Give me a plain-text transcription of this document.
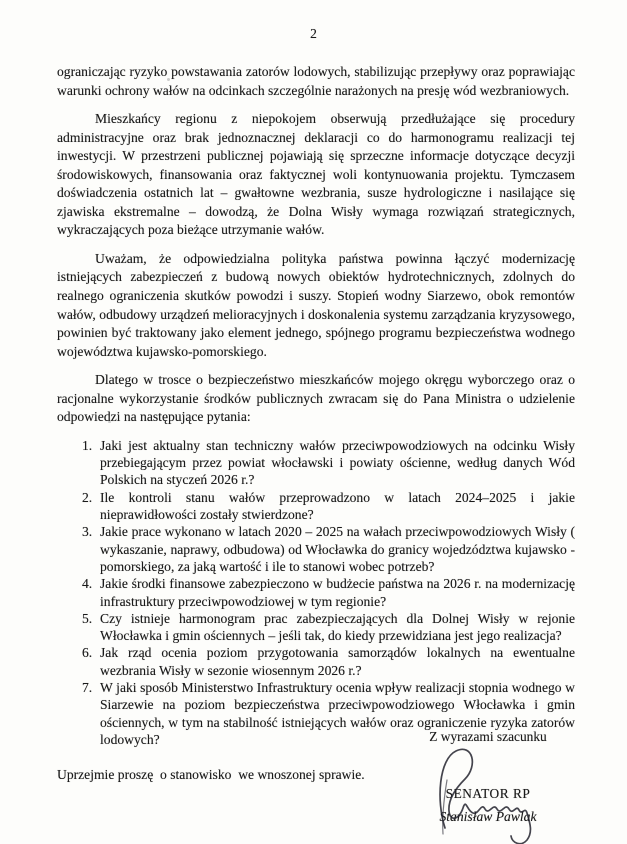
2

ograniczając ryzyko powstawania zatorów lodowych, stabilizując przepływy oraz poprawiając warunki ochrony wałów na odcinkach szczególnie narażonych na presję wód wezbraniowych.

Mieszkańcy regionu z niepokojem obserwują przedłużające się procedury administracyjne oraz brak jednoznacznej deklaracji co do harmonogramu realizacji tej inwestycji. W przestrzeni publicznej pojawiają się sprzeczne informacje dotyczące decyzji środowiskowych, finansowania oraz faktycznej woli kontynuowania projektu. Tymczasem doświadczenia ostatnich lat – gwałtowne wezbrania, susze hydrologiczne i nasilające się zjawiska ekstremalne – dowodzą, że Dolna Wisły wymaga rozwiązań strategicznych, wykraczających poza bieżące utrzymanie wałów.

Uważam, że odpowiedzialna polityka państwa powinna łączyć modernizację istniejących zabezpieczeń z budową nowych obiektów hydrotechnicznych, zdolnych do realnego ograniczenia skutków powodzi i suszy. Stopień wodny Siarzewo, obok remontów wałów, odbudowy urządzeń melioracyjnych i doskonalenia systemu zarządzania kryzysowego, powinien być traktowany jako element jednego, spójnego programu bezpieczeństwa wodnego województwa kujawsko-pomorskiego.

Dlatego w trosce o bezpieczeństwo mieszkańców mojego okręgu wyborczego oraz o racjonalne wykorzystanie środków publicznych zwracam się do Pana Ministra o udzielenie odpowiedzi na następujące pytania:

1. Jaki jest aktualny stan techniczny wałów przeciwpowodziowych na odcinku Wisły przebiegającym przez powiat włocławski i powiaty ościenne, według danych Wód Polskich na styczeń 2026 r.?
2. Ile kontroli stanu wałów przeprowadzono w latach 2024–2025 i jakie nieprawidłowości zostały stwierdzone?
3. Jakie prace wykonano w latach 2020 – 2025 na wałach przeciwpowodziowych Wisły ( wykaszanie, naprawy, odbudowa) od Włocławka do granicy wojedzództwa kujawsko - pomorskiego, za jaką wartość i ile to stanowi wobec potrzeb?
4. Jakie środki finansowe zabezpieczono w budżecie państwa na 2026 r. na modernizację infrastruktury przeciwpowodziowej w tym regionie?
5. Czy istnieje harmonogram prac zabezpieczających dla Dolnej Wisły w rejonie Włocławka i gmin ościennych – jeśli tak, do kiedy przewidziana jest jego realizacja?
6. Jak rząd ocenia poziom przygotowania samorządów lokalnych na ewentualne wezbrania Wisły w sezonie wiosennym 2026 r.?
7. W jaki sposób Ministerstwo Infrastruktury ocenia wpływ realizacji stopnia wodnego w Siarzewie na poziom bezpieczeństwa przeciwpowodziowego Włocławka i gmin ościennych, w tym na stabilność istniejących wałów oraz ograniczenie ryzyka zatorów lodowych?

Uprzejmie proszę  o stanowisko  we wnoszonej sprawie.

Z wyrazami szacunku
SENATOR RP
Stanisław Pawlak
